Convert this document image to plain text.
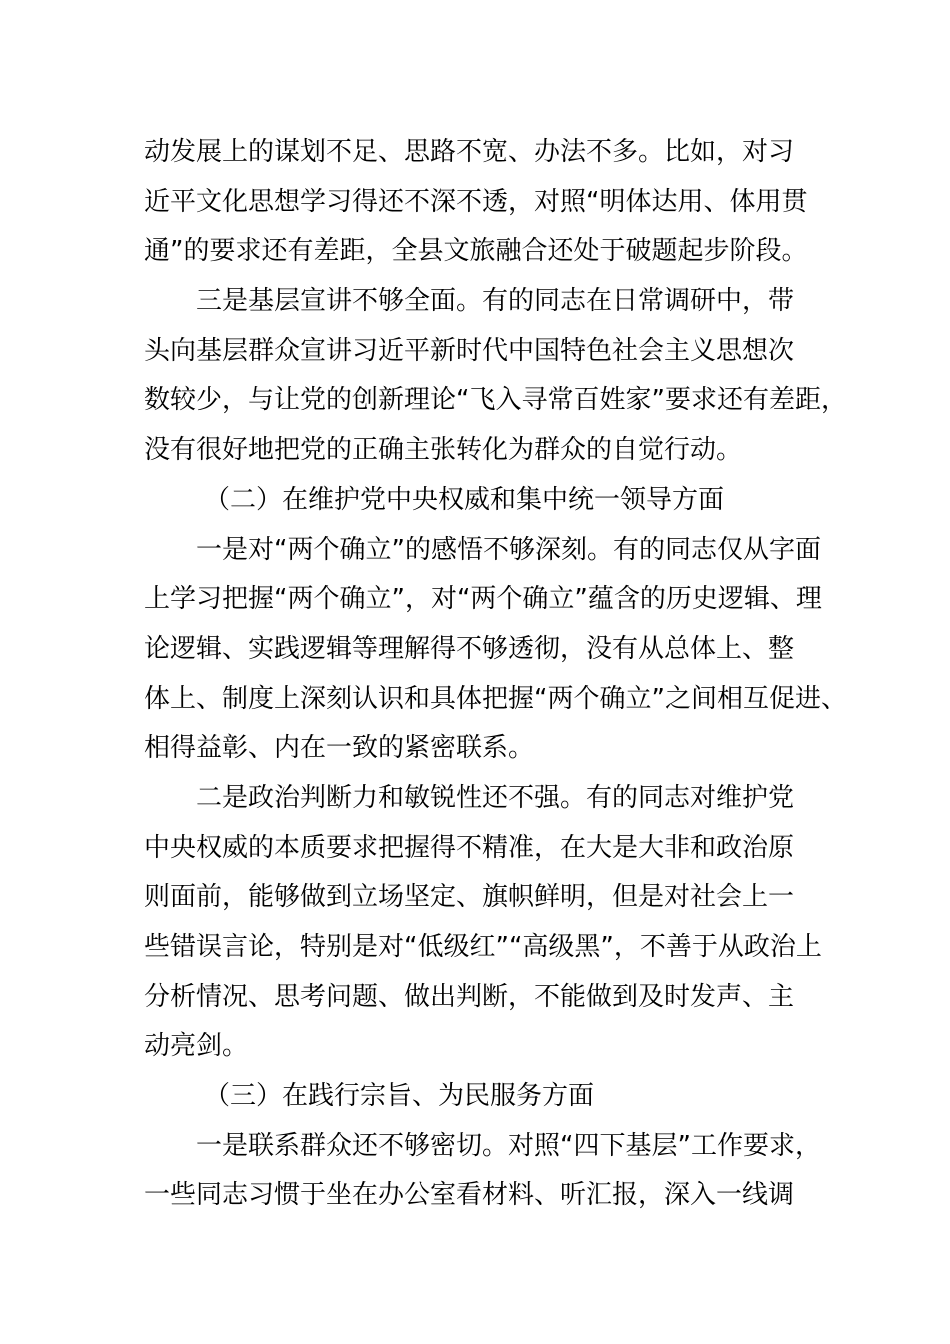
动发展上的谋划不足、思路不宽、办法不多。比如，对习
近平文化思想学习得还不深不透，对照“明体达用、体用贯
通”的要求还有差距，全县文旅融合还处于破题起步阶段。
三是基层宣讲不够全面。有的同志在日常调研中，带
头向基层群众宣讲习近平新时代中国特色社会主义思想次
数较少，与让党的创新理论“飞入寻常百姓家”要求还有差距，
没有很好地把党的正确主张转化为群众的自觉行动。
（二）在维护党中央权威和集中统一领导方面
一是对“两个确立”的感悟不够深刻。有的同志仅从字面
上学习把握“两个确立”，对“两个确立”蕴含的历史逻辑、理
论逻辑、实践逻辑等理解得不够透彻，没有从总体上、整
体上、制度上深刻认识和具体把握“两个确立”之间相互促进、
相得益彰、内在一致的紧密联系。
二是政治判断力和敏锐性还不强。有的同志对维护党
中央权威的本质要求把握得不精准，在大是大非和政治原
则面前，能够做到立场坚定、旗帜鲜明，但是对社会上一
些错误言论，特别是对“低级红”“高级黑”，不善于从政治上
分析情况、思考问题、做出判断，不能做到及时发声、主
动亮剑。
（三）在践行宗旨、为民服务方面
一是联系群众还不够密切。对照“四下基层”工作要求，
一些同志习惯于坐在办公室看材料、听汇报，深入一线调
